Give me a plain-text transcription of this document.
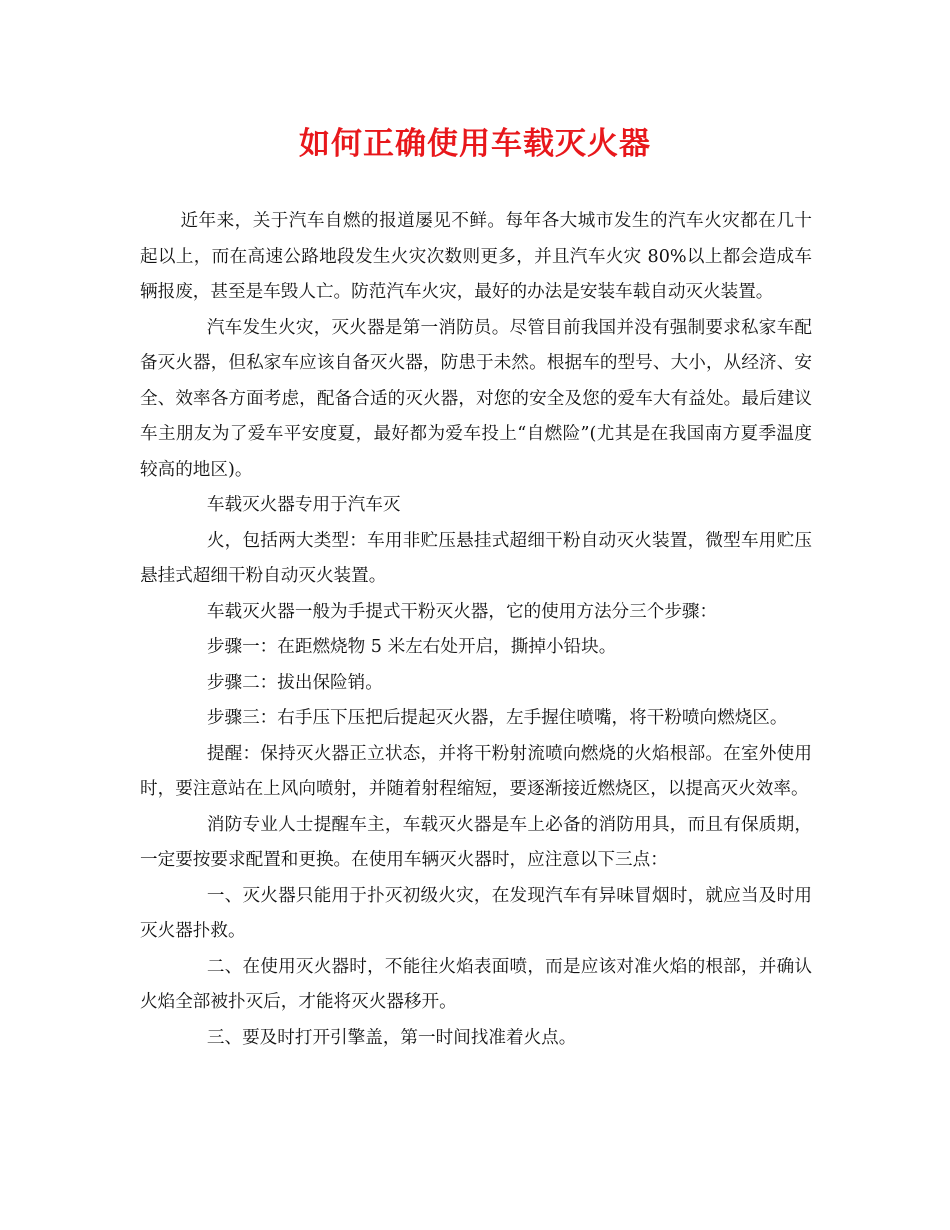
如何正确使用车载灭火器

近年来，关于汽车自燃的报道屡见不鲜。每年各大城市发生的汽车火灾都在几十起以上，而在高速公路地段发生火灾次数则更多，并且汽车火灾 80%以上都会造成车辆报废，甚至是车毁人亡。防范汽车火灾，最好的办法是安装车载自动灭火装置。

汽车发生火灾，灭火器是第一消防员。尽管目前我国并没有强制要求私家车配备灭火器，但私家车应该自备灭火器，防患于未然。根据车的型号、大小，从经济、安全、效率各方面考虑，配备合适的灭火器，对您的安全及您的爱车大有益处。最后建议车主朋友为了爱车平安度夏，最好都为爱车投上“自燃险”(尤其是在我国南方夏季温度较高的地区)。

车载灭火器专用于汽车灭

火，包括两大类型：车用非贮压悬挂式超细干粉自动灭火装置，微型车用贮压悬挂式超细干粉自动灭火装置。

车载灭火器一般为手提式干粉灭火器，它的使用方法分三个步骤：

步骤一：在距燃烧物 5 米左右处开启，撕掉小铅块。

步骤二：拔出保险销。

步骤三：右手压下压把后提起灭火器，左手握住喷嘴，将干粉喷向燃烧区。

提醒：保持灭火器正立状态，并将干粉射流喷向燃烧的火焰根部。在室外使用时，要注意站在上风向喷射，并随着射程缩短，要逐渐接近燃烧区，以提高灭火效率。

消防专业人士提醒车主，车载灭火器是车上必备的消防用具，而且有保质期，一定要按要求配置和更换。在使用车辆灭火器时，应注意以下三点：

一、灭火器只能用于扑灭初级火灾，在发现汽车有异味冒烟时，就应当及时用灭火器扑救。

二、在使用灭火器时，不能往火焰表面喷，而是应该对准火焰的根部，并确认火焰全部被扑灭后，才能将灭火器移开。

三、要及时打开引擎盖，第一时间找准着火点。
